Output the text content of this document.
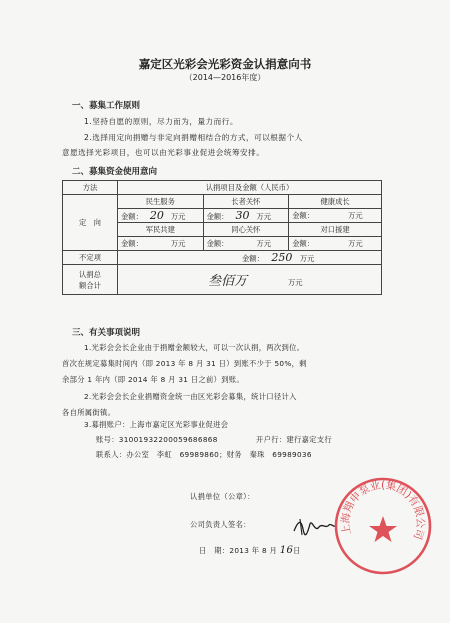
嘉定区光彩会光彩资金认捐意向书
（2014—2016年度）
一、募集工作原则
1.坚持自愿的原则，尽力而为，量力而行。
2.选择用定向捐赠与非定向捐赠相结合的方式，可以根据个人
意愿选择光彩项目，也可以由光彩事业促进会统筹安排。
二、募集资金使用意向
方法	认捐项目及金额（人民币）		
定　向	民生服务	长者关怀	健康成长
	金额： 20 万元	金额： 30 万元	金额： 万元
	军民共建	同心关怀	对口援建
	金额： 万元	金额： 万元	金额： 万元
不定项	金额： 250 万元		
认捐总
额合计	叁佰万 万元		
三、有关事项说明
1.光彩会会长企业由于捐赠金额较大，可以一次认捐，两次到位。
首次在规定募集时间内（即 2013 年 8 月 31 日）到账不少于 50%，剩
余部分 1 年内（即 2014 年 8 月 31 日之前）到账。
2.光彩会会长企业捐赠资金统一由区光彩会募集，统计口径计入
各自所属街镇。
3.募捐账户：上海市嘉定区光彩事业促进会
账号：31001932200059686868	开户行：建行嘉定支行
联系人：办公室　李虹　69989860；财务　秦珠　69989036
认捐单位（公章）：
公司负责人签名：
日　期：2013 年 8 月 16日
上海翔申泵业(集团)有限公司
